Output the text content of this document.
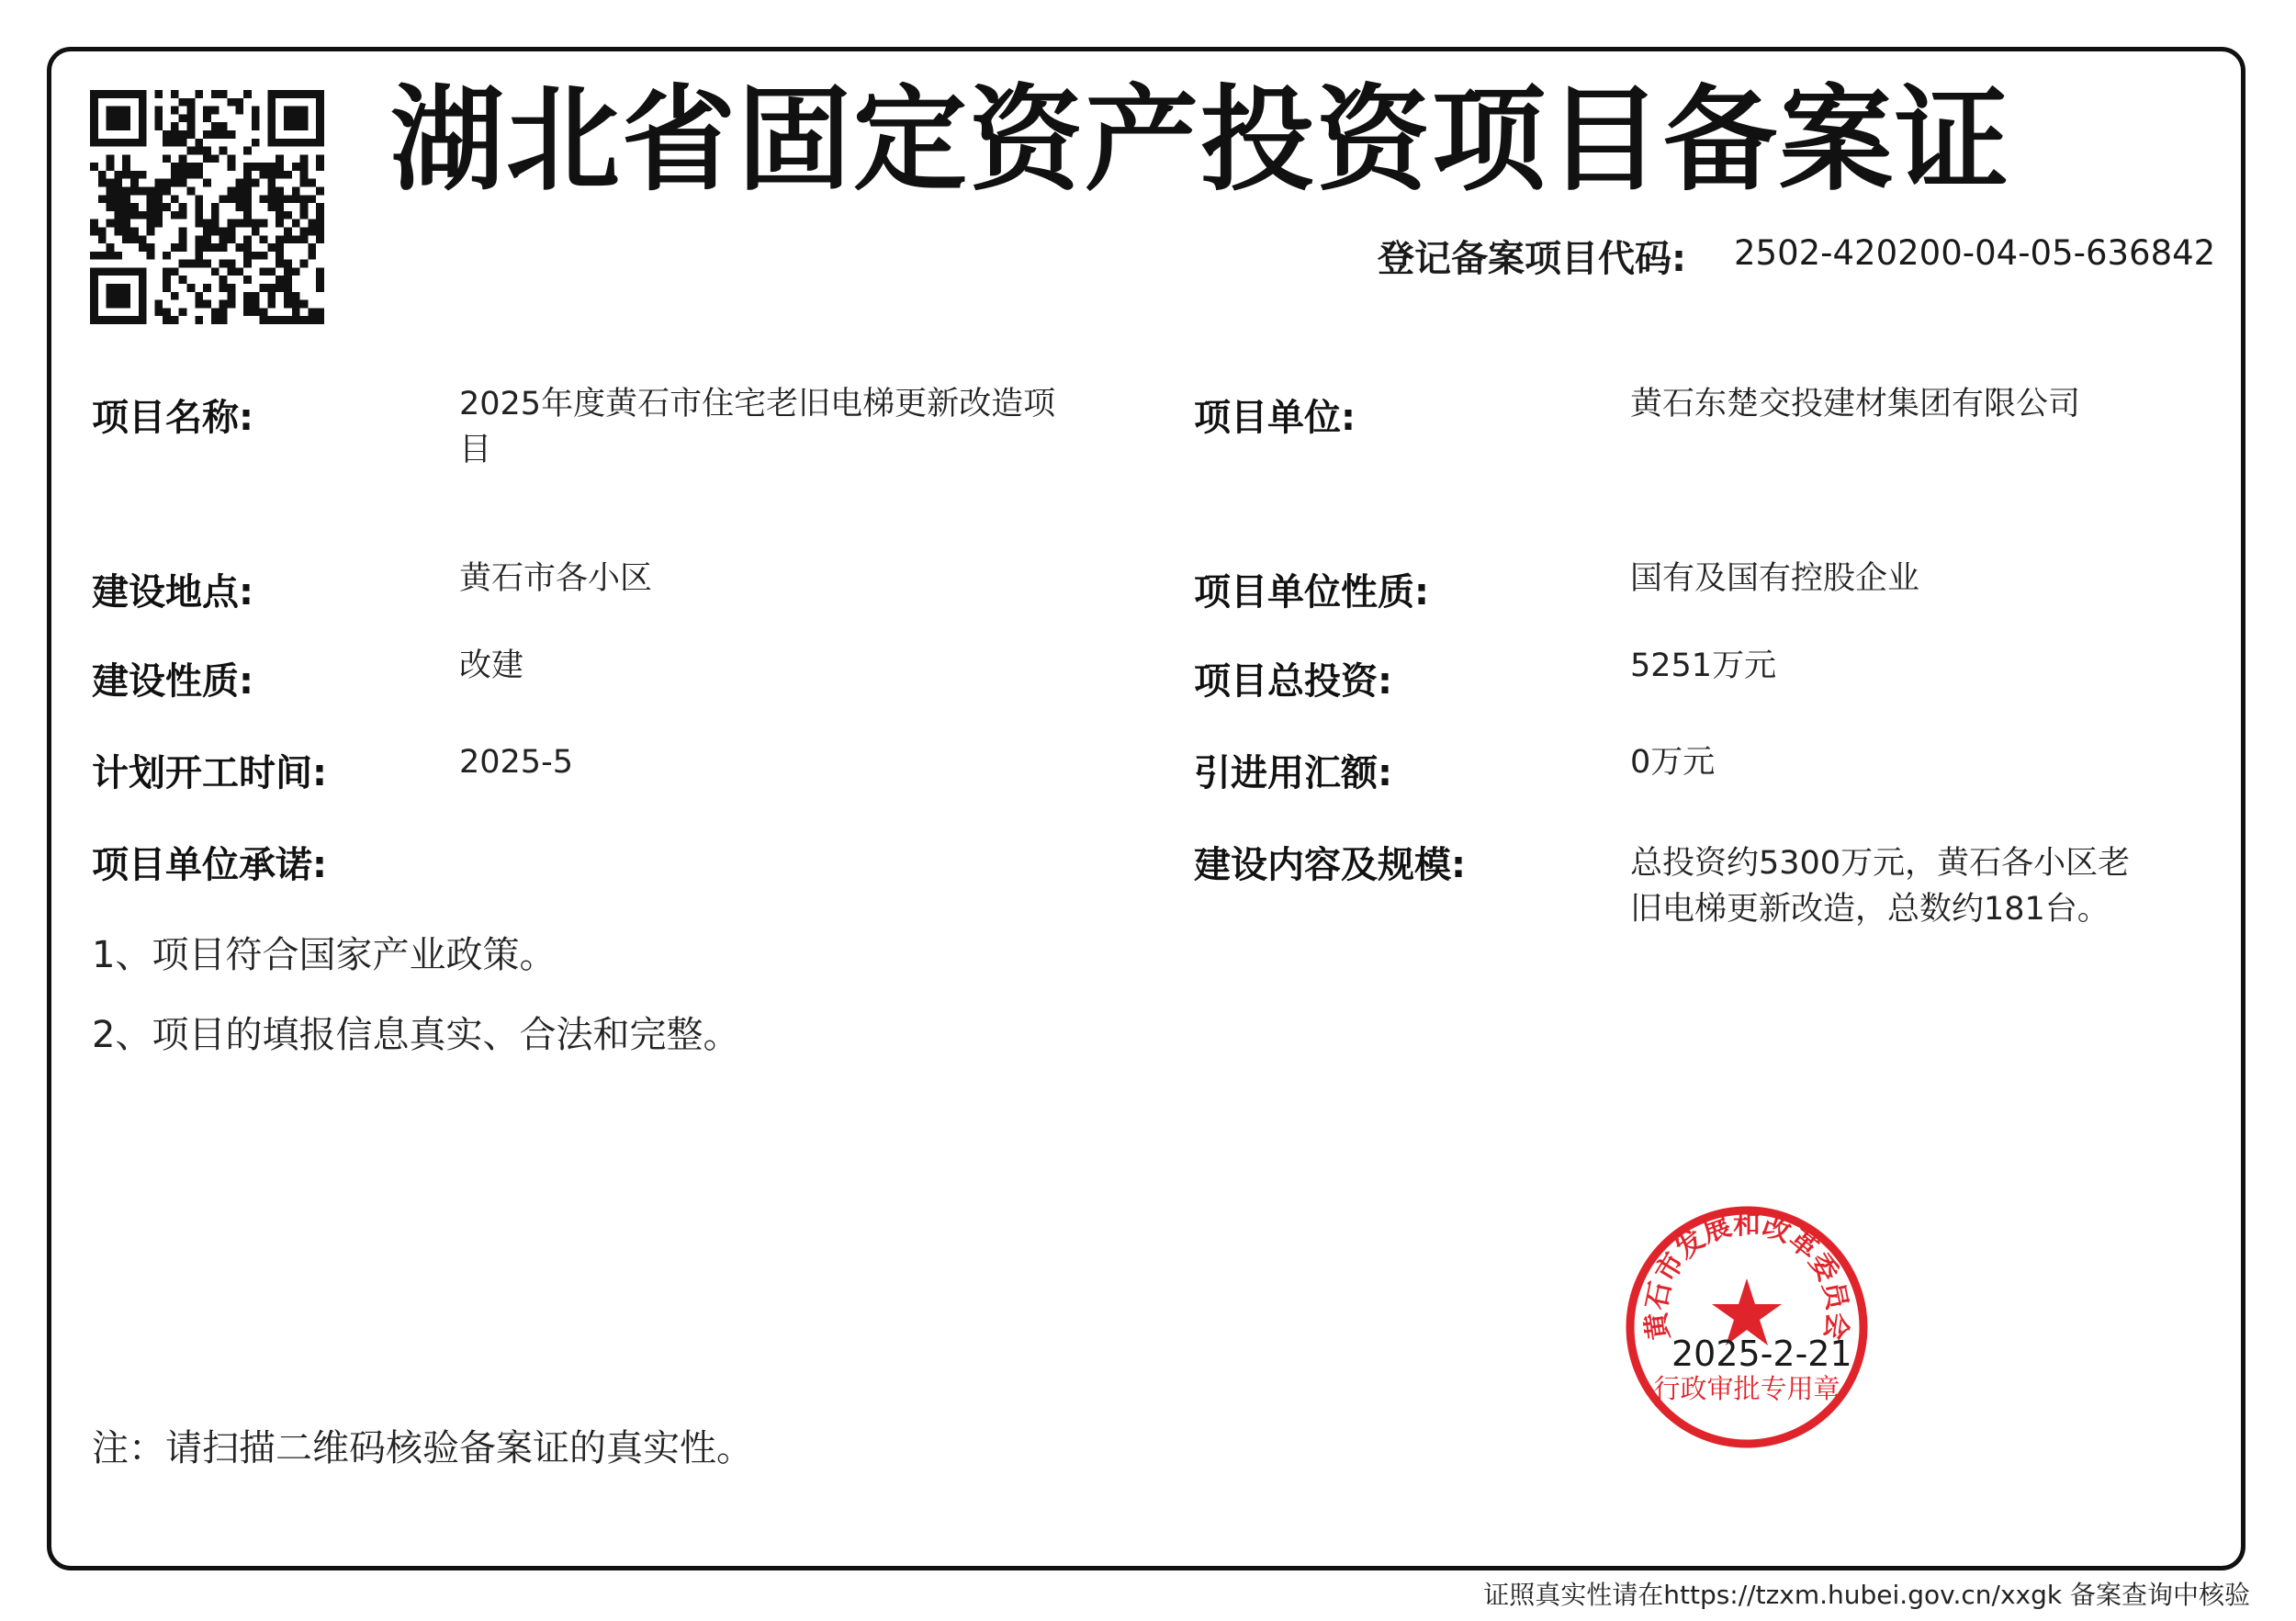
湖北省固定资产投资项目备案证
登记备案项目代码: 2502-420200-04-05-636842
项目名称:	2025年度黄石市住宅老旧电梯更新改造项目
建设地点:	黄石市各小区
建设性质:	改建
计划开工时间:	2025-5
项目单位承诺:
1、项目符合国家产业政策。
2、项目的填报信息真实、合法和完整。
项目单位:	黄石东楚交投建材集团有限公司
项目单位性质:	国有及国有控股企业
项目总投资:	5251万元
引进用汇额:	0万元
建设内容及规模:	总投资约5300万元，黄石各小区老旧电梯更新改造，总数约181台。
黄石市发展和改革委员会
行政审批专用章
2025-2-21
注：请扫描二维码核验备案证的真实性。
证照真实性请在https://tzxm.hubei.gov.cn/xxgk 备案查询中核验
